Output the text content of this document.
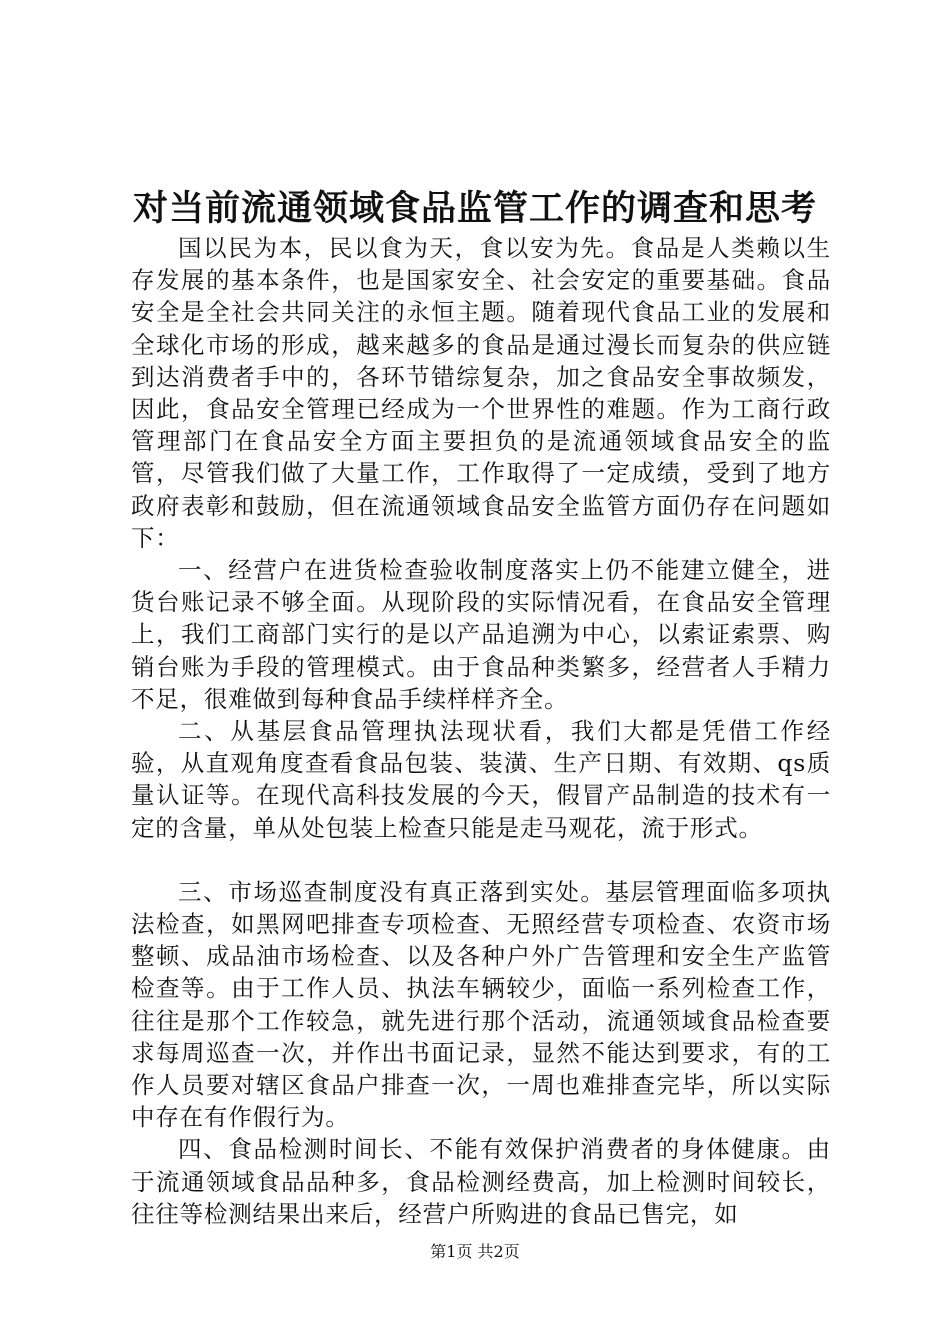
对当前流通领域食品监管工作的调查和思考

国以民为本，民以食为天，食以安为先。食品是人类赖以生存发展的基本条件，也是国家安全、社会安定的重要基础。食品安全是全社会共同关注的永恒主题。随着现代食品工业的发展和全球化市场的形成，越来越多的食品是通过漫长而复杂的供应链到达消费者手中的，各环节错综复杂，加之食品安全事故频发，因此，食品安全管理已经成为一个世界性的难题。作为工商行政管理部门在食品安全方面主要担负的是流通领域食品安全的监管，尽管我们做了大量工作，工作取得了一定成绩，受到了地方政府表彰和鼓励，但在流通领域食品安全监管方面仍存在问题如下：

一、经营户在进货检查验收制度落实上仍不能建立健全，进货台账记录不够全面。从现阶段的实际情况看，在食品安全管理上，我们工商部门实行的是以产品追溯为中心，以索证索票、购销台账为手段的管理模式。由于食品种类繁多，经营者人手精力不足，很难做到每种食品手续样样齐全。

二、从基层食品管理执法现状看，我们大都是凭借工作经验，从直观角度查看食品包装、装潢、生产日期、有效期、qs质量认证等。在现代高科技发展的今天，假冒产品制造的技术有一定的含量，单从处包装上检查只能是走马观花，流于形式。

三、市场巡查制度没有真正落到实处。基层管理面临多项执法检查，如黑网吧排查专项检查、无照经营专项检查、农资市场整顿、成品油市场检查、以及各种户外广告管理和安全生产监管检查等。由于工作人员、执法车辆较少，面临一系列检查工作，往往是那个工作较急，就先进行那个活动，流通领域食品检查要求每周巡查一次，并作出书面记录，显然不能达到要求，有的工作人员要对辖区食品户排查一次，一周也难排查完毕，所以实际中存在有作假行为。

四、食品检测时间长、不能有效保护消费者的身体健康。由于流通领域食品品种多，食品检测经费高，加上检测时间较长，往往等检测结果出来后，经营户所购进的食品已售完，如

第1页 共2页
